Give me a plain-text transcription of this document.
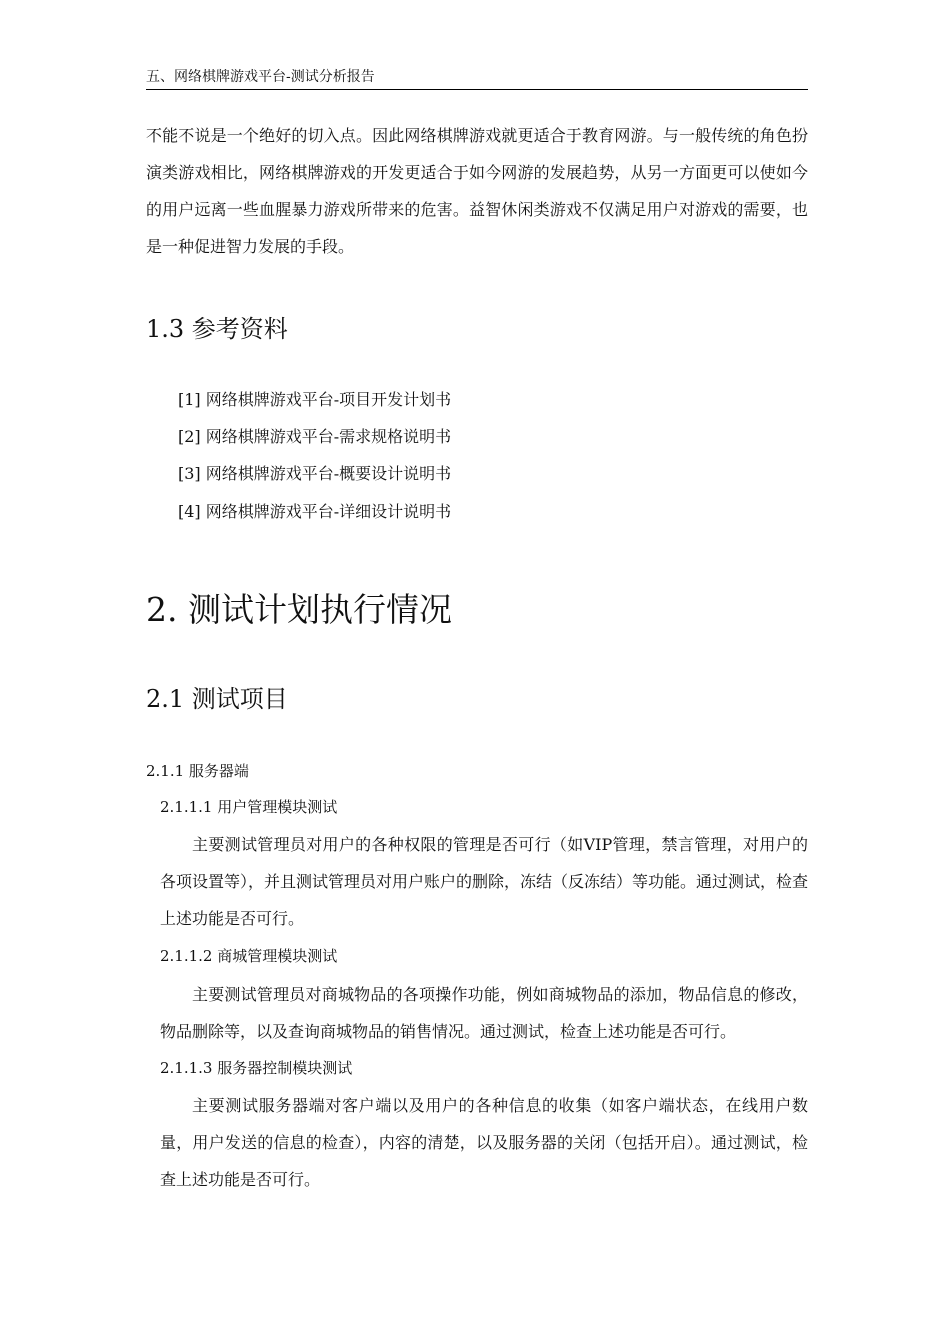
五、网络棋牌游戏平台-测试分析报告

不能不说是一个绝好的切入点。因此网络棋牌游戏就更适合于教育网游。与一般传统的角色扮演类游戏相比，网络棋牌游戏的开发更适合于如今网游的发展趋势，从另一方面更可以使如今的用户远离一些血腥暴力游戏所带来的危害。益智休闲类游戏不仅满足用户对游戏的需要，也是一种促进智力发展的手段。

1.3 参考资料
[1] 网络棋牌游戏平台-项目开发计划书
[2] 网络棋牌游戏平台-需求规格说明书
[3] 网络棋牌游戏平台-概要设计说明书
[4] 网络棋牌游戏平台-详细设计说明书
2. 测试计划执行情况
2.1 测试项目
2.1.1 服务器端
2.1.1.1 用户管理模块测试

主要测试管理员对用户的各种权限的管理是否可行（如VIP管理，禁言管理，对用户的各项设置等），并且测试管理员对用户账户的删除，冻结（反冻结）等功能。通过测试，检查上述功能是否可行。

2.1.1.2 商城管理模块测试

主要测试管理员对商城物品的各项操作功能，例如商城物品的添加，物品信息的修改，物品删除等，以及查询商城物品的销售情况。通过测试，检查上述功能是否可行。

2.1.1.3 服务器控制模块测试

主要测试服务器端对客户端以及用户的各种信息的收集（如客户端状态，在线用户数量，用户发送的信息的检查），内容的清楚，以及服务器的关闭（包括开启）。通过测试，检查上述功能是否可行。
